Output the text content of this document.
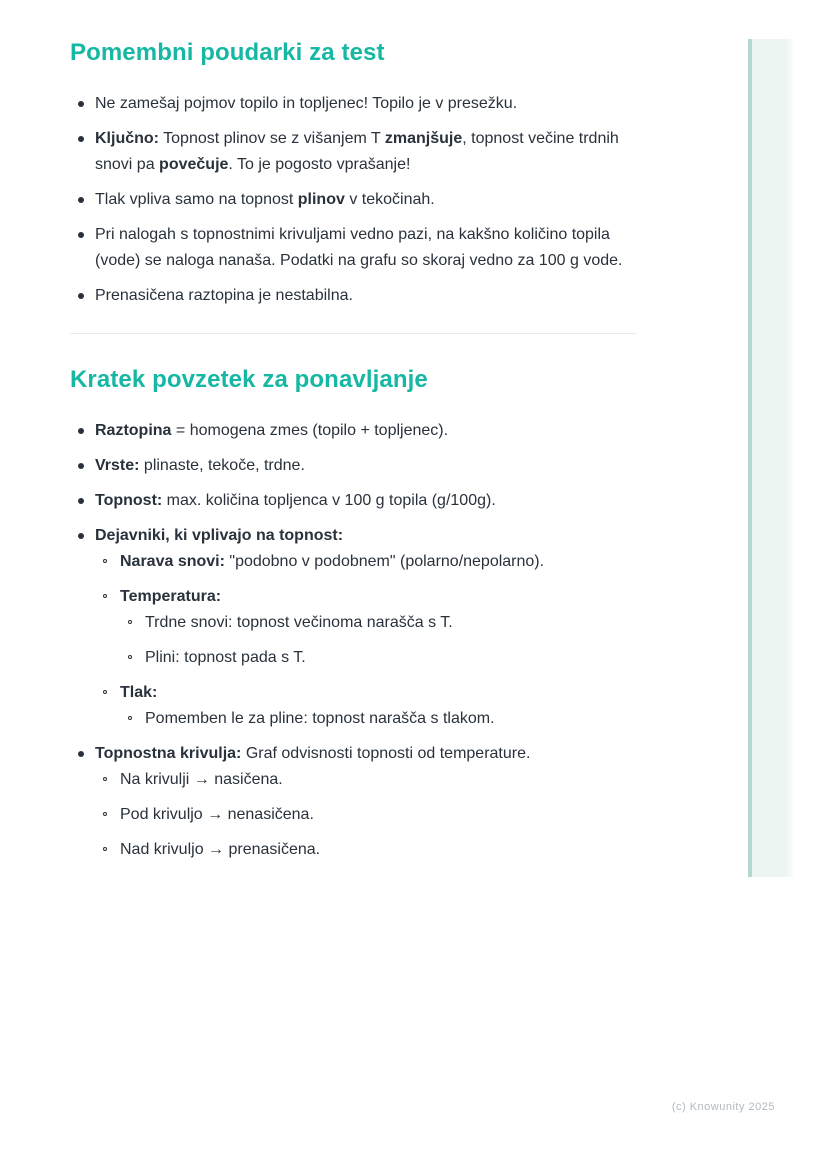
Pomembni poudarki za test
Ne zamešaj pojmov topilo in topljenec! Topilo je v presežku.
Ključno: Topnost plinov se z višanjem T zmanjšuje, topnost večine trdnih snovi pa povečuje. To je pogosto vprašanje!
Tlak vpliva samo na topnost plinov v tekočinah.
Pri nalogah s topnostnimi krivuljami vedno pazi, na kakšno količino topila (vode) se naloga nanaša. Podatki na grafu so skoraj vedno za 100 g vode.
Prenasičena raztopina je nestabilna.
Kratek povzetek za ponavljanje
Raztopina = homogena zmes (topilo + topljenec).
Vrste: plinaste, tekoče, trdne.
Topnost: max. količina topljenca v 100 g topila (g/100g).
Dejavniki, ki vplivajo na topnost:
Narava snovi: "podobno v podobnem" (polarno/nepolarno).
Temperatura:
Trdne snovi: topnost večinoma narašča s T.
Plini: topnost pada s T.
Tlak:
Pomemben le za pline: topnost narašča s tlakom.
Topnostna krivulja: Graf odvisnosti topnosti od temperature.
Na krivulji → nasičena.
Pod krivuljo → nenasičena.
Nad krivuljo → prenasičena.
(c) Knowunity 2025
